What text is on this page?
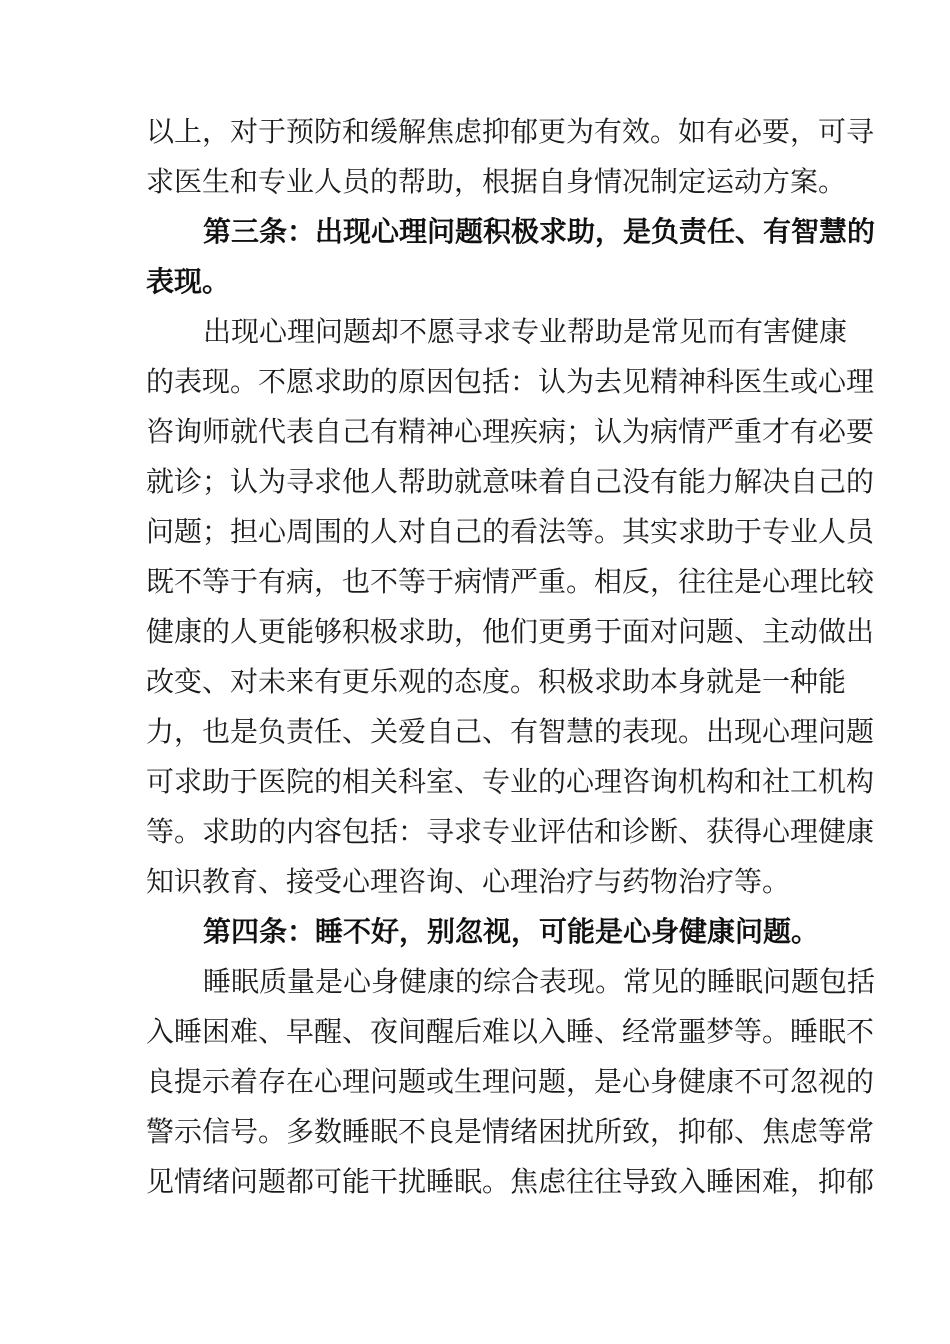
以上，对于预防和缓解焦虑抑郁更为有效。如有必要，可寻
求医生和专业人员的帮助，根据自身情况制定运动方案。
第三条：出现心理问题积极求助，是负责任、有智慧的
表现。
出现心理问题却不愿寻求专业帮助是常见而有害健康
的表现。不愿求助的原因包括：认为去见精神科医生或心理
咨询师就代表自己有精神心理疾病；认为病情严重才有必要
就诊；认为寻求他人帮助就意味着自己没有能力解决自己的
问题；担心周围的人对自己的看法等。其实求助于专业人员
既不等于有病，也不等于病情严重。相反，往往是心理比较
健康的人更能够积极求助，他们更勇于面对问题、主动做出
改变、对未来有更乐观的态度。积极求助本身就是一种能
力，也是负责任、关爱自己、有智慧的表现。出现心理问题
可求助于医院的相关科室、专业的心理咨询机构和社工机构
等。求助的内容包括：寻求专业评估和诊断、获得心理健康
知识教育、接受心理咨询、心理治疗与药物治疗等。
第四条：睡不好，别忽视，可能是心身健康问题。
睡眠质量是心身健康的综合表现。常见的睡眠问题包括
入睡困难、早醒、夜间醒后难以入睡、经常噩梦等。睡眠不
良提示着存在心理问题或生理问题，是心身健康不可忽视的
警示信号。多数睡眠不良是情绪困扰所致，抑郁、焦虑等常
见情绪问题都可能干扰睡眠。焦虑往往导致入睡困难，抑郁
